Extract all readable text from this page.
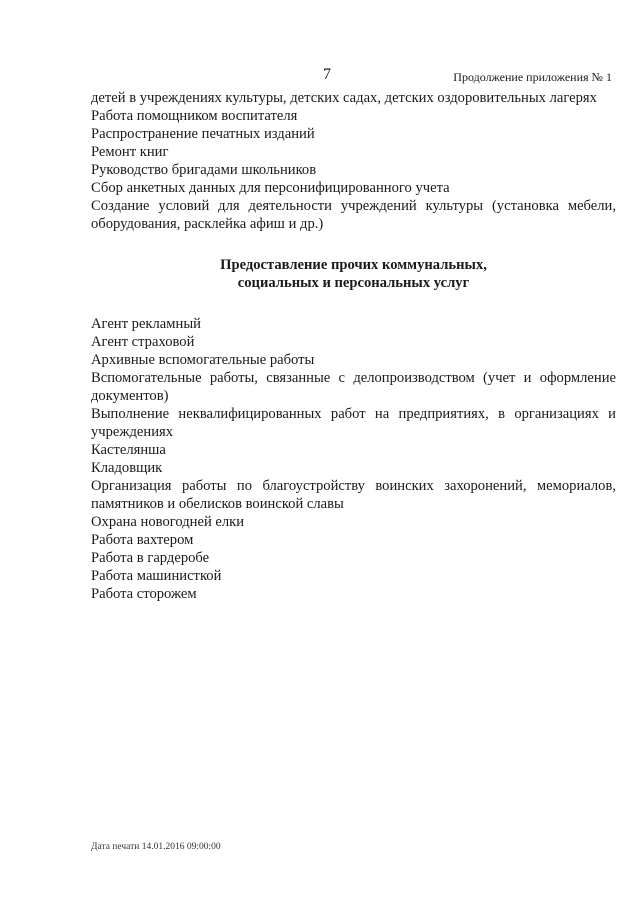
7	Продолжение приложения № 1

детей в учреждениях культуры, детских садах, детских оздоровительных лагерях

Работа помощником воспитателя

Распространение печатных изданий

Ремонт книг

Руководство бригадами школьников

Сбор анкетных данных для персонифицированного учета

Создание условий для деятельности учреждений культуры (установка мебели, оборудования, расклейка афиш и др.)

Предоставление прочих коммунальных,
социальных и персональных услуг

Агент рекламный

Агент страховой

Архивные вспомогательные работы

Вспомогательные работы, связанные с делопроизводством (учет и оформление документов)

Выполнение неквалифицированных работ на предприятиях, в организациях и учреждениях

Кастелянша

Кладовщик

Организация работы по благоустройству воинских захоронений, мемориалов, памятников и обелисков воинской славы

Охрана новогодней елки

Работа вахтером

Работа в гардеробе

Работа машинисткой

Работа сторожем

Дата печати 14.01.2016 09:00:00
